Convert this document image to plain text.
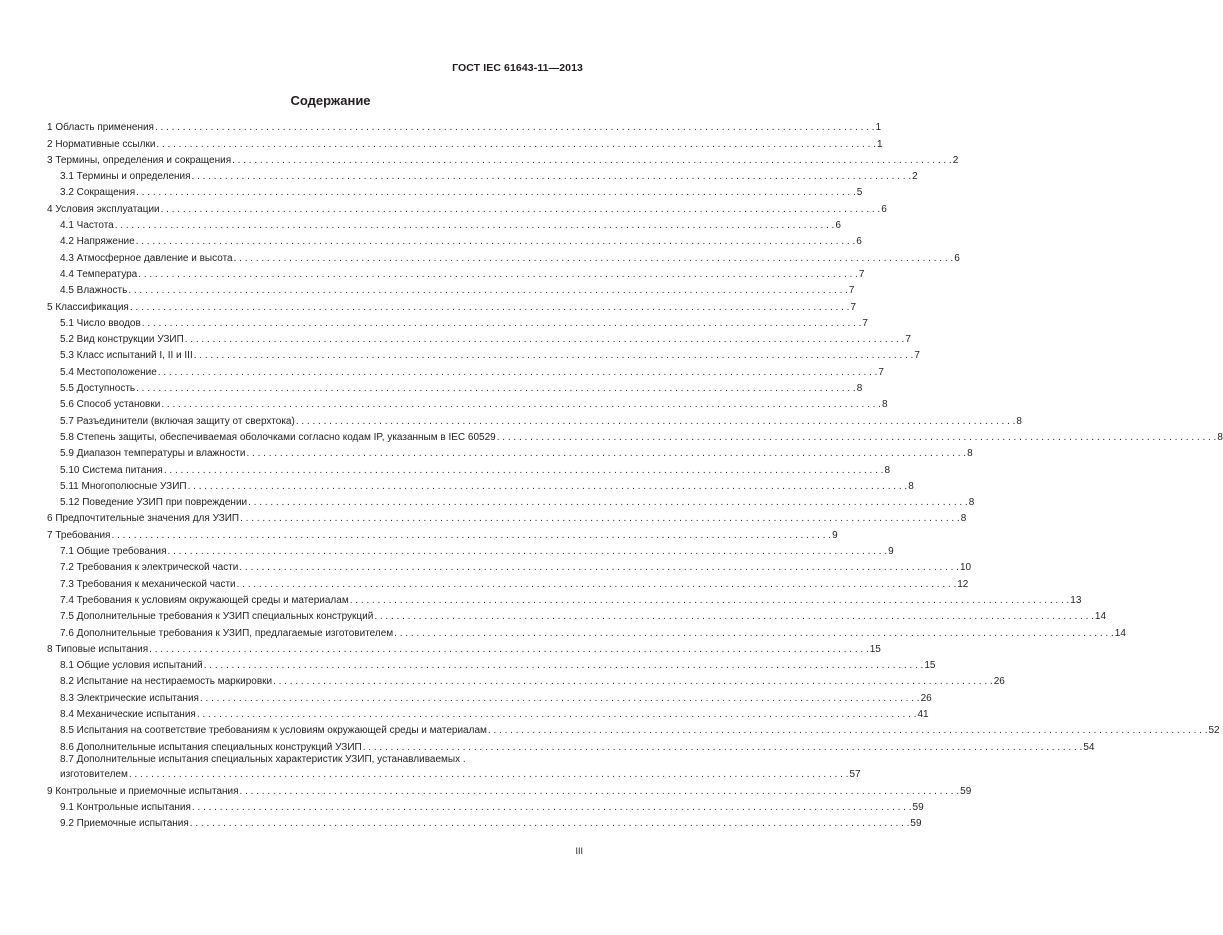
ГОСТ IEC 61643-11—2013
Содержание
1 Область применения . . .	1
2 Нормативные ссылки . . .	1
3 Термины, определения и сокращения . . .	2
3.1 Термины и определения . . .	2
3.2 Сокращения . . .	5
4 Условия эксплуатации . . .	6
4.1 Частота . . .	6
4.2 Напряжение . . .	6
4.3 Атмосферное давление и высота . . .	6
4.4 Температура . . .	7
4.5 Влажность . . .	7
5 Классификация . . .	7
5.1 Число вводов . . .	7
5.2 Вид конструкции УЗИП . . .	7
5.3 Класс испытаний I, II и III . . .	7
5.4 Местоположение . . .	7
5.5 Доступность . . .	8
5.6 Способ установки . . .	8
5.7 Разъединители (включая защиту от сверхтока) . . .	8
5.8 Степень защиты, обеспечиваемая оболочками согласно кодам IP, указанным в IEC 60529 . . .	8
5.9 Диапазон температуры и влажности . . .	8
5.10 Система питания . . .	8
5.11 Многополюсные УЗИП . . .	8
5.12 Поведение УЗИП при повреждении . . .	8
6 Предпочтительные значения для УЗИП . . .	8
7 Требования . . .	9
7.1 Общие требования . . .	9
7.2 Требования к электрической части . . .	10
7.3 Требования к механической части . . .	12
7.4 Требования к условиям окружающей среды и материалам . . .	13
7.5 Дополнительные требования к УЗИП специальных конструкций . . .	14
7.6 Дополнительные требования к УЗИП, предлагаемые изготовителем . . .	14
8 Типовые испытания . . .	15
8.1 Общие условия испытаний . . .	15
8.2 Испытание на нестираемость маркировки . . .	26
8.3 Электрические испытания . . .	26
8.4 Механические испытания . . .	41
8.5 Испытания на соответствие требованиям к условиям окружающей среды и материалам . . .	52
8.6 Дополнительные испытания специальных конструкций УЗИП . . .	54
8.7 Дополнительные испытания специальных характеристик УЗИП, устанавливаемых .
изготовителем . . .	57
9 Контрольные и приемочные испытания . . .	59
9.1 Контрольные испытания . . .	59
9.2 Приемочные испытания . . .	59
III
